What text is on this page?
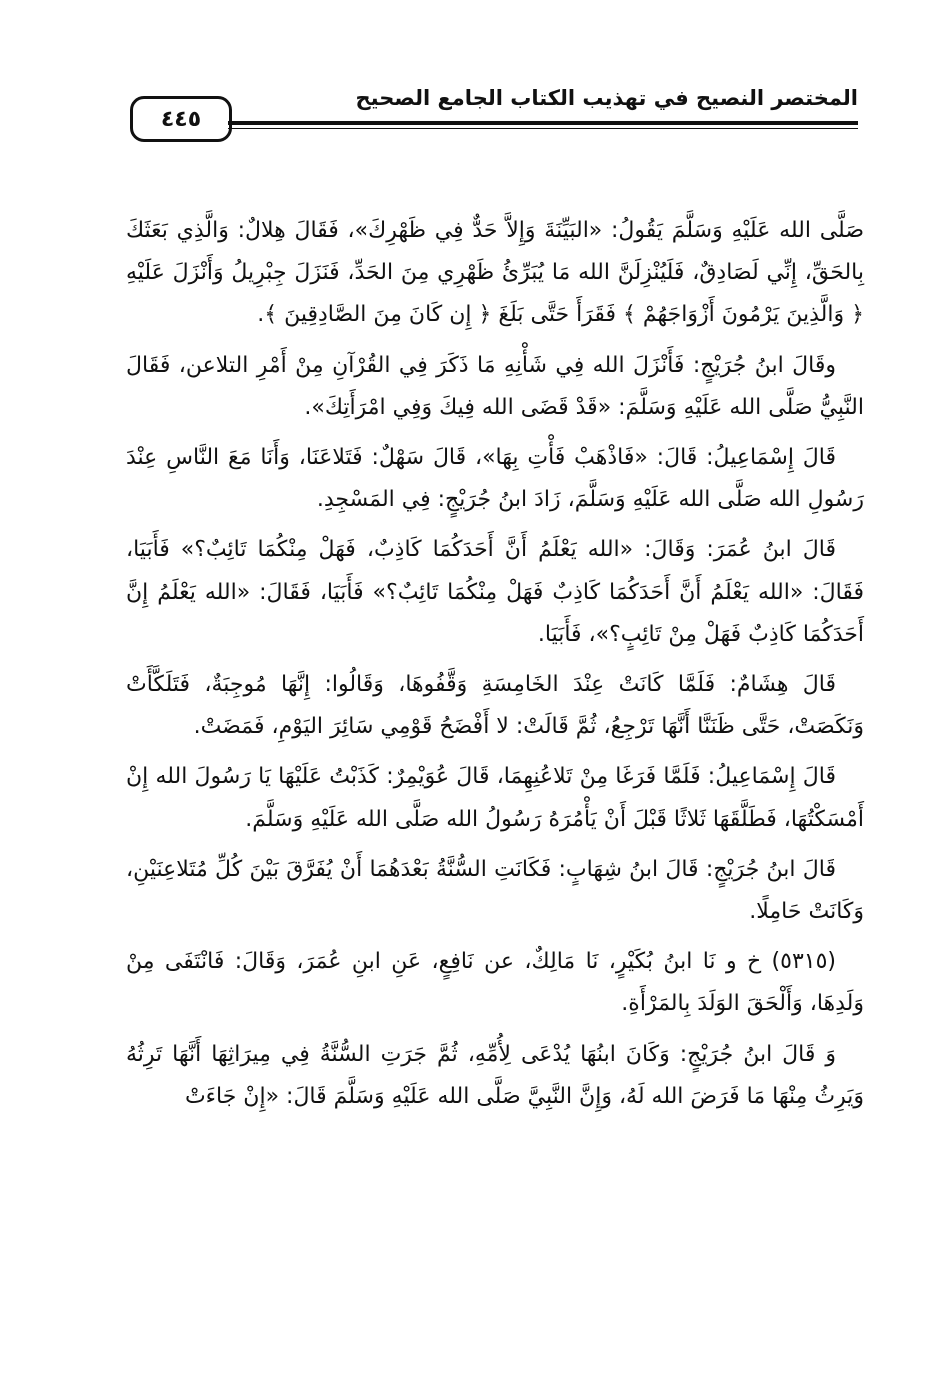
المختصر النصيح في تهذيب الكتاب الجامع الصحيح
٤٤٥

صَلَّى الله عَلَيْهِ وَسَلَّمَ يَقُولُ: «البَيِّنَةَ وَإِلاَّ حَدٌّ فِي ظَهْرِكَ»، فَقَالَ هِلالٌ: وَالَّذِي بَعَثَكَ بِالحَقِّ، إِنِّي لَصَادِقٌ، فَلَيُنْزِلَنَّ الله مَا يُبَرِّئُ ظَهْرِي مِنَ الحَدِّ، فَنَزَلَ جِبْرِيلُ وَأَنْزَلَ عَلَيْهِ ﴿ وَالَّذِينَ يَرْمُونَ أَزْوَاجَهُمْ ﴾ فَقَرَأَ حَتَّى بَلَغَ ﴿ إِن كَانَ مِنَ الصَّادِقِينَ ﴾.

وقَالَ ابنُ جُرَيْجٍ: فَأَنْزَلَ الله فِي شَأْنِهِ مَا ذَكَرَ فِي القُرْآنِ مِنْ أَمْرِ التلاعن، فَقَالَ النَّبِيُّ صَلَّى الله عَلَيْهِ وَسَلَّمَ: «قَدْ قَضَى الله فِيكَ وَفِي امْرَأَتِكَ».

قَالَ إِسْمَاعِيلُ: قَالَ: «فَاذْهَبْ فَأْتِ بِهَا»، قَالَ سَهْلٌ: فَتَلاعَنَا، وَأَنَا مَعَ النَّاسِ عِنْدَ رَسُولِ الله صَلَّى الله عَلَيْهِ وَسَلَّمَ، زَادَ ابنُ جُرَيْجٍ: فِي المَسْجِدِ.

قَالَ ابنُ عُمَرَ: وَقَالَ: «الله يَعْلَمُ أَنَّ أَحَدَكُمَا كَاذِبٌ، فَهَلْ مِنْكُمَا تَائِبٌ؟» فَأَبَيَا، فَقَالَ: «الله يَعْلَمُ أَنَّ أَحَدَكُمَا كَاذِبٌ فَهَلْ مِنْكُمَا تَائِبٌ؟» فَأَبَيَا، فَقَالَ: «الله يَعْلَمُ إِنَّ أَحَدَكُمَا كَاذِبٌ فَهَلْ مِنْ تَائِبٍ؟»، فَأَبَيَا.

قَالَ هِشَامٌ: فَلَمَّا كَانَتْ عِنْدَ الخَامِسَةِ وَقَّفُوهَا، وَقَالُوا: إِنَّهَا مُوجِبَةٌ، فَتَلَكَّأَتْ وَنَكَصَتْ، حَتَّى ظَنَنَّا أَنَّهَا تَرْجِعُ، ثُمَّ قَالَتْ: لا أَفْضَحُ قَوْمِي سَائِرَ اليَوْمِ، فَمَضَتْ.

قَالَ إِسْمَاعِيلُ: فَلَمَّا فَرَغَا مِنْ تَلاعُنِهِمَا، قَالَ عُوَيْمِرٌ: كَذَبْتُ عَلَيْهَا يَا رَسُولَ الله إِنْ أَمْسَكْتُهَا، فَطَلَّقَهَا ثَلاثًا قَبْلَ أَنْ يَأْمُرَهُ رَسُولُ الله صَلَّى الله عَلَيْهِ وَسَلَّمَ.

قَالَ ابنُ جُرَيْجٍ: قَالَ ابنُ شِهَابٍ: فَكَانَتِ السُّنَّةُ بَعْدَهُمَا أَنْ يُفَرَّقَ بَيْنَ كُلِّ مُتَلاعِنَيْنِ، وَكَانَتْ حَامِلًا.

(٥٣١٥) خ و نَا ابنُ بُكَيْرٍ، نَا مَالِكٌ، عن نَافِعٍ، عَنِ ابنِ عُمَرَ، وَقَالَ: فَانْتَفَى مِنْ وَلَدِهَا، وَأَلْحَقَ الوَلَدَ بِالمَرْأَةِ.

وَ قَالَ ابنُ جُرَيْجٍ: وَكَانَ ابنُهَا يُدْعَى لِأُمِّهِ، ثُمَّ جَرَتِ السُّنَّةُ فِي مِيرَاثِهَا أَنَّهَا تَرِثُهُ وَيَرِثُ مِنْهَا مَا فَرَضَ الله لَهُ، وَإِنَّ النَّبِيَّ صَلَّى الله عَلَيْهِ وَسَلَّمَ قَالَ: «إِنْ جَاءَتْ
